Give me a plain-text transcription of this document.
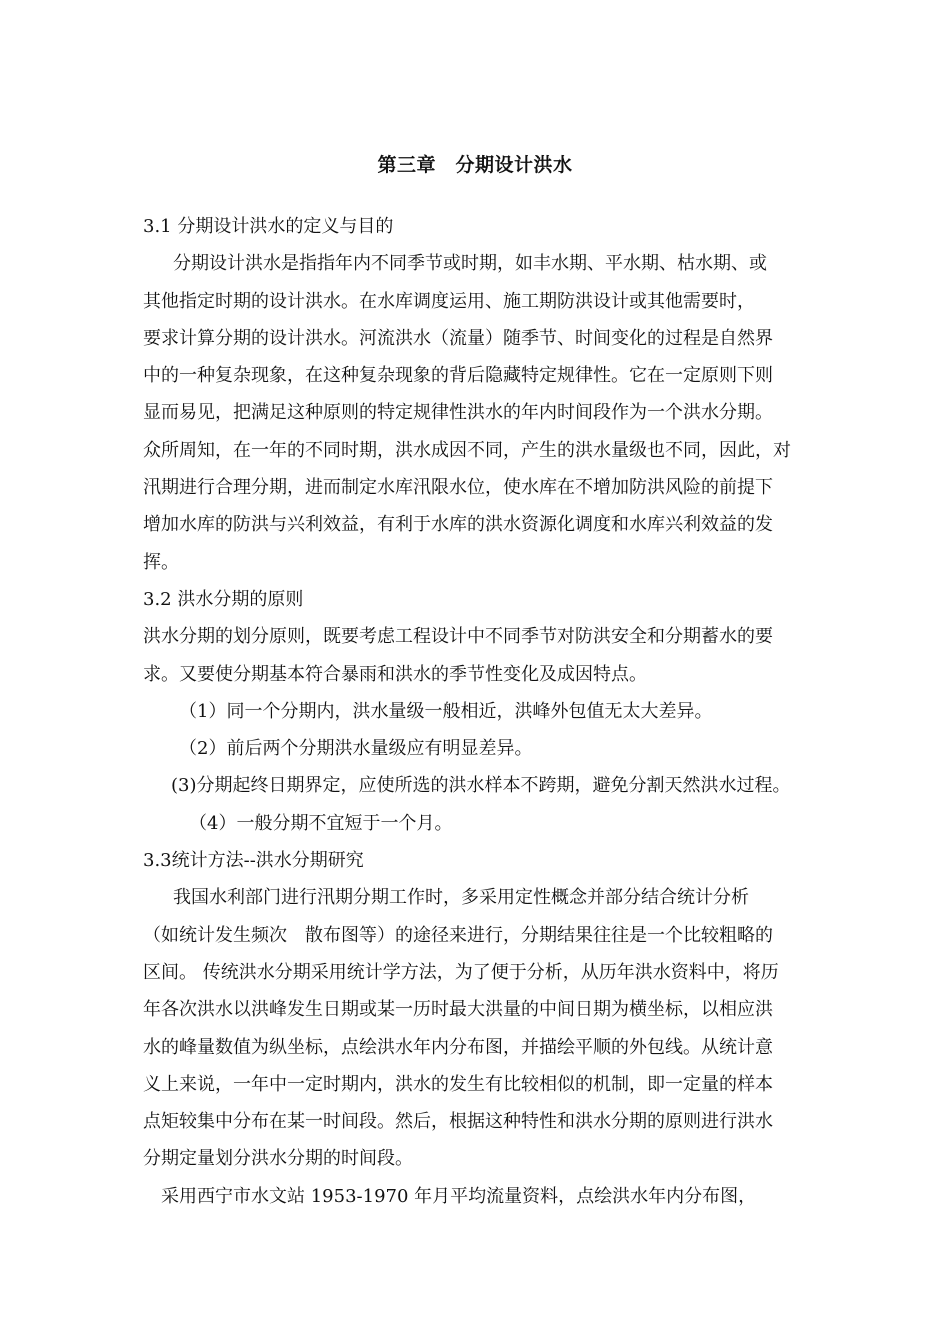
第三章　分期设计洪水
3.1 分期设计洪水的定义与目的
分期设计洪水是指指年内不同季节或时期，如丰水期、平水期、枯水期、或
其他指定时期的设计洪水。在水库调度运用、施工期防洪设计或其他需要时，
要求计算分期的设计洪水。河流洪水（流量）随季节、时间变化的过程是自然界
中的一种复杂现象，在这种复杂现象的背后隐藏特定规律性。它在一定原则下则
显而易见，把满足这种原则的特定规律性洪水的年内时间段作为一个洪水分期。
众所周知，在一年的不同时期，洪水成因不同，产生的洪水量级也不同，因此，对
汛期进行合理分期，进而制定水库汛限水位，使水库在不增加防洪风险的前提下
增加水库的防洪与兴利效益，有利于水库的洪水资源化调度和水库兴利效益的发
挥。
3.2 洪水分期的原则
洪水分期的划分原则，既要考虑工程设计中不同季节对防洪安全和分期蓄水的要
求。又要使分期基本符合暴雨和洪水的季节性变化及成因特点。
（1）同一个分期内，洪水量级一般相近，洪峰外包值无太大差异。
（2）前后两个分期洪水量级应有明显差异。
(3)分期起终日期界定，应使所选的洪水样本不跨期，避免分割天然洪水过程。
（4）一般分期不宜短于一个月。
3.3统计方法--洪水分期研究
我国水利部门进行汛期分期工作时，多采用定性概念并部分结合统计分析
（如统计发生频次　散布图等）的途径来进行，分期结果往往是一个比较粗略的
区间。 传统洪水分期采用统计学方法，为了便于分析，从历年洪水资料中，将历
年各次洪水以洪峰发生日期或某一历时最大洪量的中间日期为横坐标，以相应洪
水的峰量数值为纵坐标，点绘洪水年内分布图，并描绘平顺的外包线。从统计意
义上来说，一年中一定时期内，洪水的发生有比较相似的机制，即一定量的样本
点矩较集中分布在某一时间段。然后，根据这种特性和洪水分期的原则进行洪水
分期定量划分洪水分期的时间段。
采用西宁市水文站 1953-1970 年月平均流量资料，点绘洪水年内分布图，
